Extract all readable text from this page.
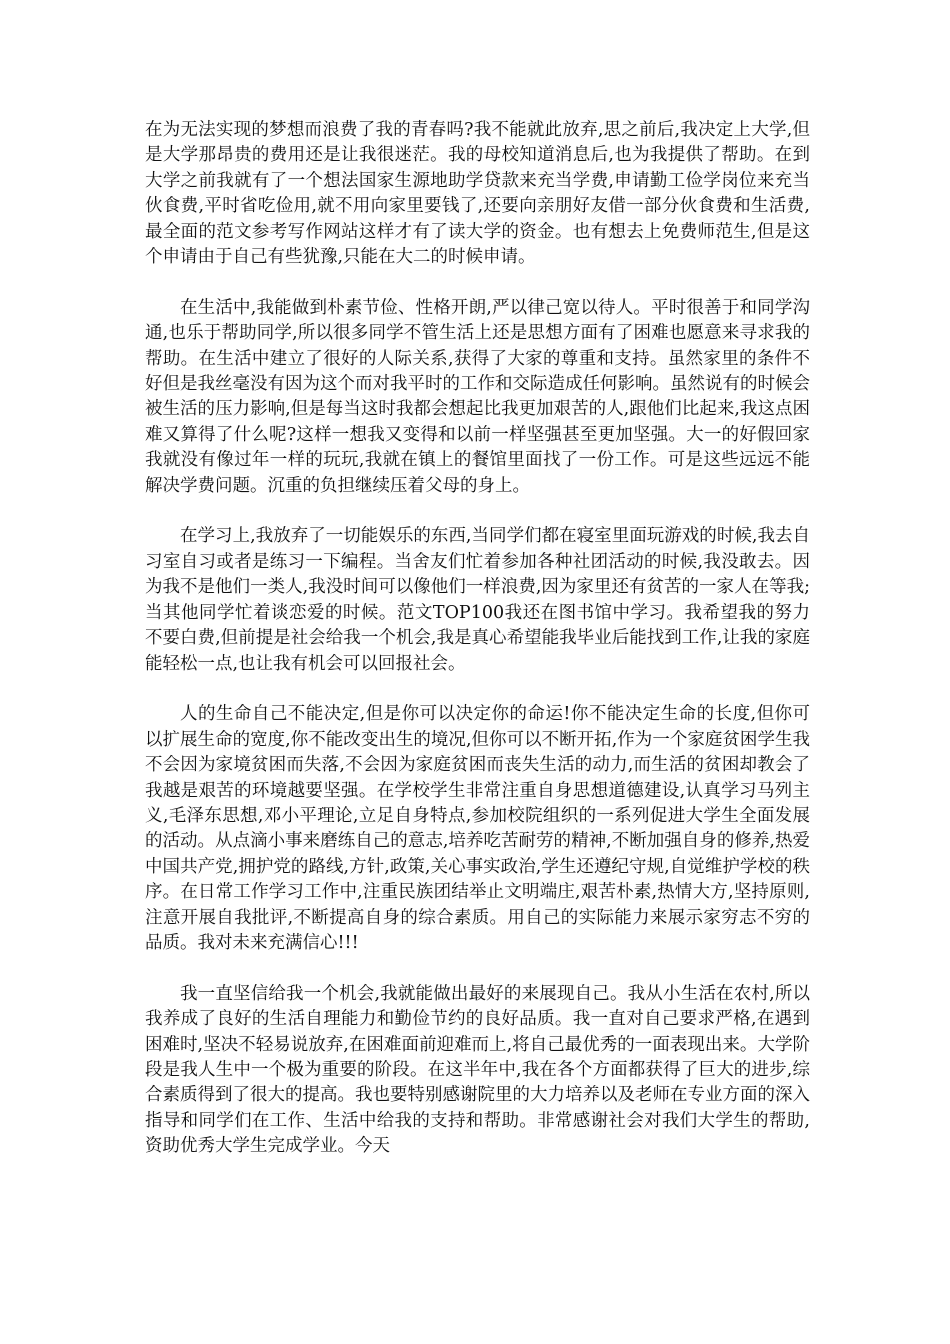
在为无法实现的梦想而浪费了我的青春吗?我不能就此放弃,思之前后,我决定上大学,但是大学那昂贵的费用还是让我很迷茫。我的母校知道消息后,也为我提供了帮助。在到大学之前我就有了一个想法国家生源地助学贷款来充当学费,申请勤工俭学岗位来充当伙食费,平时省吃俭用,就不用向家里要钱了,还要向亲朋好友借一部分伙食费和生活费,最全面的范文参考写作网站这样才有了读大学的资金。也有想去上免费师范生,但是这个申请由于自己有些犹豫,只能在大二的时候申请。

在生活中,我能做到朴素节俭、性格开朗,严以律己宽以待人。平时很善于和同学沟通,也乐于帮助同学,所以很多同学不管生活上还是思想方面有了困难也愿意来寻求我的帮助。在生活中建立了很好的人际关系,获得了大家的尊重和支持。虽然家里的条件不好但是我丝毫没有因为这个而对我平时的工作和交际造成任何影响。虽然说有的时候会被生活的压力影响,但是每当这时我都会想起比我更加艰苦的人,跟他们比起来,我这点困难又算得了什么呢?这样一想我又变得和以前一样坚强甚至更加坚强。大一的好假回家我就没有像过年一样的玩玩,我就在镇上的餐馆里面找了一份工作。可是这些远远不能解决学费问题。沉重的负担继续压着父母的身上。

在学习上,我放弃了一切能娱乐的东西,当同学们都在寝室里面玩游戏的时候,我去自习室自习或者是练习一下编程。当舍友们忙着参加各种社团活动的时候,我没敢去。因为我不是他们一类人,我没时间可以像他们一样浪费,因为家里还有贫苦的一家人在等我;当其他同学忙着谈恋爱的时候。范文TOP100我还在图书馆中学习。我希望我的努力不要白费,但前提是社会给我一个机会,我是真心希望能我毕业后能找到工作,让我的家庭能轻松一点,也让我有机会可以回报社会。

人的生命自己不能决定,但是你可以决定你的命运!你不能决定生命的长度,但你可以扩展生命的宽度,你不能改变出生的境况,但你可以不断开拓,作为一个家庭贫困学生我不会因为家境贫困而失落,不会因为家庭贫困而丧失生活的动力,而生活的贫困却教会了我越是艰苦的环境越要坚强。在学校学生非常注重自身思想道德建设,认真学习马列主义,毛泽东思想,邓小平理论,立足自身特点,参加校院组织的一系列促进大学生全面发展的活动。从点滴小事来磨练自己的意志,培养吃苦耐劳的精神,不断加强自身的修养,热爱中国共产党,拥护党的路线,方针,政策,关心事实政治,学生还遵纪守规,自觉维护学校的秩序。在日常工作学习工作中,注重民族团结举止文明端庄,艰苦朴素,热情大方,坚持原则,注意开展自我批评,不断提高自身的综合素质。用自己的实际能力来展示家穷志不穷的品质。我对未来充满信心!!!

我一直坚信给我一个机会,我就能做出最好的来展现自己。我从小生活在农村,所以我养成了良好的生活自理能力和勤俭节约的良好品质。我一直对自己要求严格,在遇到困难时,坚决不轻易说放弃,在困难面前迎难而上,将自己最优秀的一面表现出来。大学阶段是我人生中一个极为重要的阶段。在这半年中,我在各个方面都获得了巨大的进步,综合素质得到了很大的提高。我也要特别感谢院里的大力培养以及老师在专业方面的深入指导和同学们在工作、生活中给我的支持和帮助。非常感谢社会对我们大学生的帮助,资助优秀大学生完成学业。今天
